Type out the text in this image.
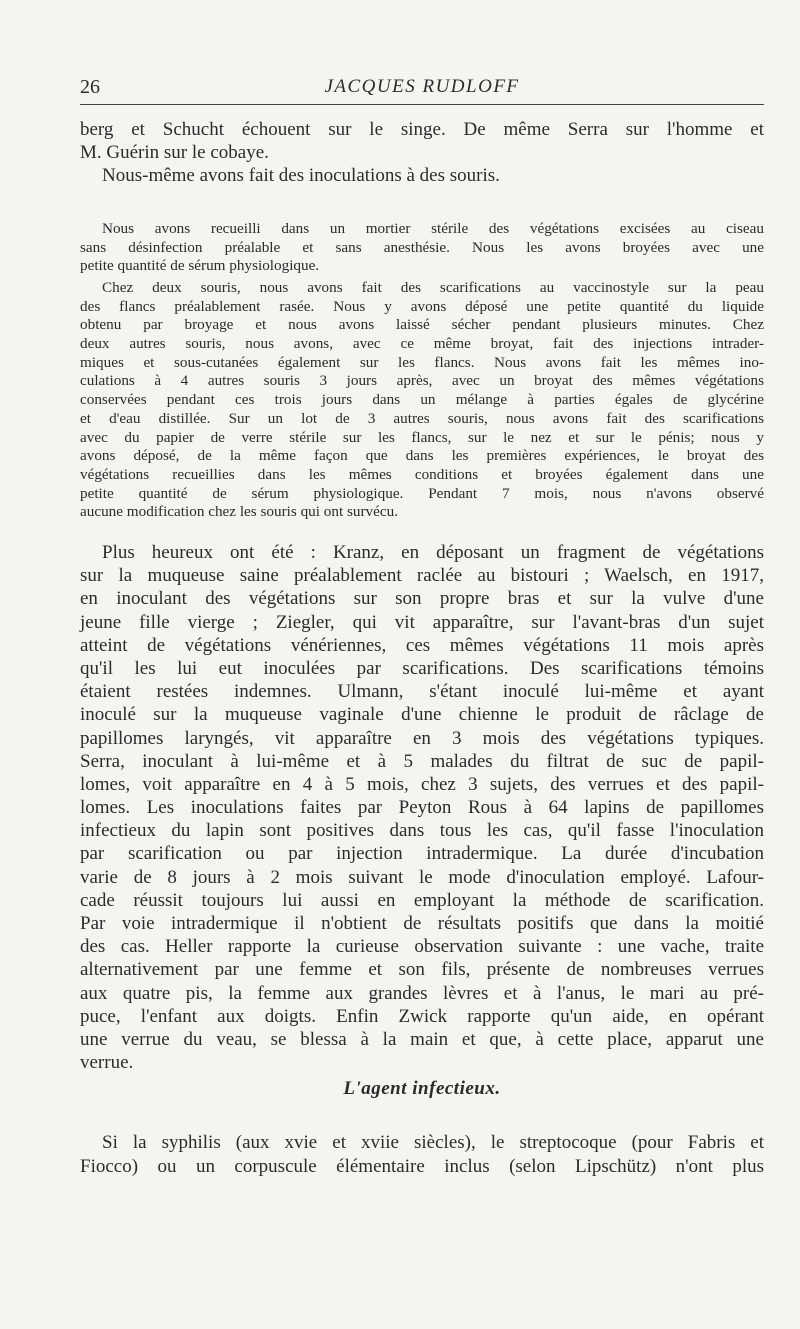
26	JACQUES RUDLOFF
berg et Schucht échouent sur le singe. De même Serra sur l'homme et
M. Guérin sur le cobaye.
Nous-même avons fait des inoculations à des souris.
Nous avons recueilli dans un mortier stérile des végétations excisées au ciseau
sans désinfection préalable et sans anesthésie. Nous les avons broyées avec une
petite quantité de sérum physiologique.
Chez deux souris, nous avons fait des scarifications au vaccinostyle sur la peau
des flancs préalablement rasée. Nous y avons déposé une petite quantité du liquide
obtenu par broyage et nous avons laissé sécher pendant plusieurs minutes. Chez
deux autres souris, nous avons, avec ce même broyat, fait des injections intrader-
miques et sous-cutanées également sur les flancs. Nous avons fait les mêmes ino-
culations à 4 autres souris 3 jours après, avec un broyat des mêmes végétations
conservées pendant ces trois jours dans un mélange à parties égales de glycérine
et d'eau distillée. Sur un lot de 3 autres souris, nous avons fait des scarifications
avec du papier de verre stérile sur les flancs, sur le nez et sur le pénis; nous y
avons déposé, de la même façon que dans les premières expériences, le broyat des
végétations recueillies dans les mêmes conditions et broyées également dans une
petite quantité de sérum physiologique. Pendant 7 mois, nous n'avons observé
aucune modification chez les souris qui ont survécu.
Plus heureux ont été : Kranz, en déposant un fragment de végétations
sur la muqueuse saine préalablement raclée au bistouri ; Waelsch, en 1917,
en inoculant des végétations sur son propre bras et sur la vulve d'une
jeune fille vierge ; Ziegler, qui vit apparaître, sur l'avant-bras d'un sujet
atteint de végétations vénériennes, ces mêmes végétations 11 mois après
qu'il les lui eut inoculées par scarifications. Des scarifications témoins
étaient restées indemnes. Ulmann, s'étant inoculé lui-même et ayant
inoculé sur la muqueuse vaginale d'une chienne le produit de râclage de
papillomes laryngés, vit apparaître en 3 mois des végétations typiques.
Serra, inoculant à lui-même et à 5 malades du filtrat de suc de papil-
lomes, voit apparaître en 4 à 5 mois, chez 3 sujets, des verrues et des papil-
lomes. Les inoculations faites par Peyton Rous à 64 lapins de papillomes
infectieux du lapin sont positives dans tous les cas, qu'il fasse l'inoculation
par scarification ou par injection intradermique. La durée d'incubation
varie de 8 jours à 2 mois suivant le mode d'inoculation employé. Lafour-
cade réussit toujours lui aussi en employant la méthode de scarification.
Par voie intradermique il n'obtient de résultats positifs que dans la moitié
des cas. Heller rapporte la curieuse observation suivante : une vache, traite
alternativement par une femme et son fils, présente de nombreuses verrues
aux quatre pis, la femme aux grandes lèvres et à l'anus, le mari au pré-
puce, l'enfant aux doigts. Enfin Zwick rapporte qu'un aide, en opérant
une verrue du veau, se blessa à la main et que, à cette place, apparut une
verrue.
L'agent infectieux.
Si la syphilis (aux xvie et xviie siècles), le streptocoque (pour Fabris et
Fiocco) ou un corpuscule élémentaire inclus (selon Lipschütz) n'ont plus
